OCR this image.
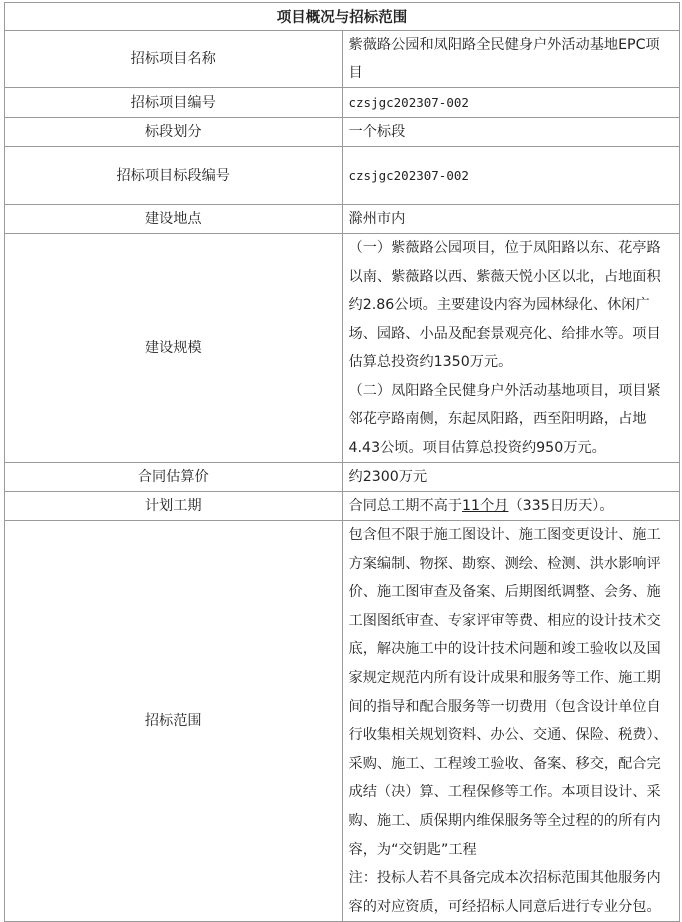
项目概况与招标范围	
招标项目名称	紫薇路公园和凤阳路全民健身户外活动基地EPC项目
招标项目编号	czsjgc202307-002
标段划分	一个标段
招标项目标段编号	czsjgc202307-002
建设地点	滁州市内
建设规模	（一）紫薇路公园项目，位于凤阳路以东、花亭路以南、紫薇路以西、紫薇天悦小区以北，占地面积约2.86公顷。主要建设内容为园林绿化、休闲广场、园路、小品及配套景观亮化、给排水等。项目估算总投资约1350万元。

（二）凤阳路全民健身户外活动基地项目，项目紧邻花亭路南侧，东起凤阳路，西至阳明路，占地4.43公顷。项目估算总投资约950万元。

合同估算价	约2300万元
计划工期	合同总工期不高于11个月（335日历天）。
招标范围	包含但不限于施工图设计、施工图变更设计、施工方案编制、物探、勘察、测绘、检测、洪水影响评价、施工图审查及备案、后期图纸调整、会务、施工图图纸审查、专家评审等费、相应的设计技术交底，解决施工中的设计技术问题和竣工验收以及国家规定规范内所有设计成果和服务等工作、施工期间的指导和配合服务等一切费用（包含设计单位自行收集相关规划资料、办公、交通、保险、税费）、采购、施工、工程竣工验收、备案、移交，配合完成结（决）算、工程保修等工作。本项目设计、采购、施工、质保期内维保服务等全过程的的所有内容，为“交钥匙”工程

注：投标人若不具备完成本次招标范围其他服务内容的对应资质，可经招标人同意后进行专业分包。
